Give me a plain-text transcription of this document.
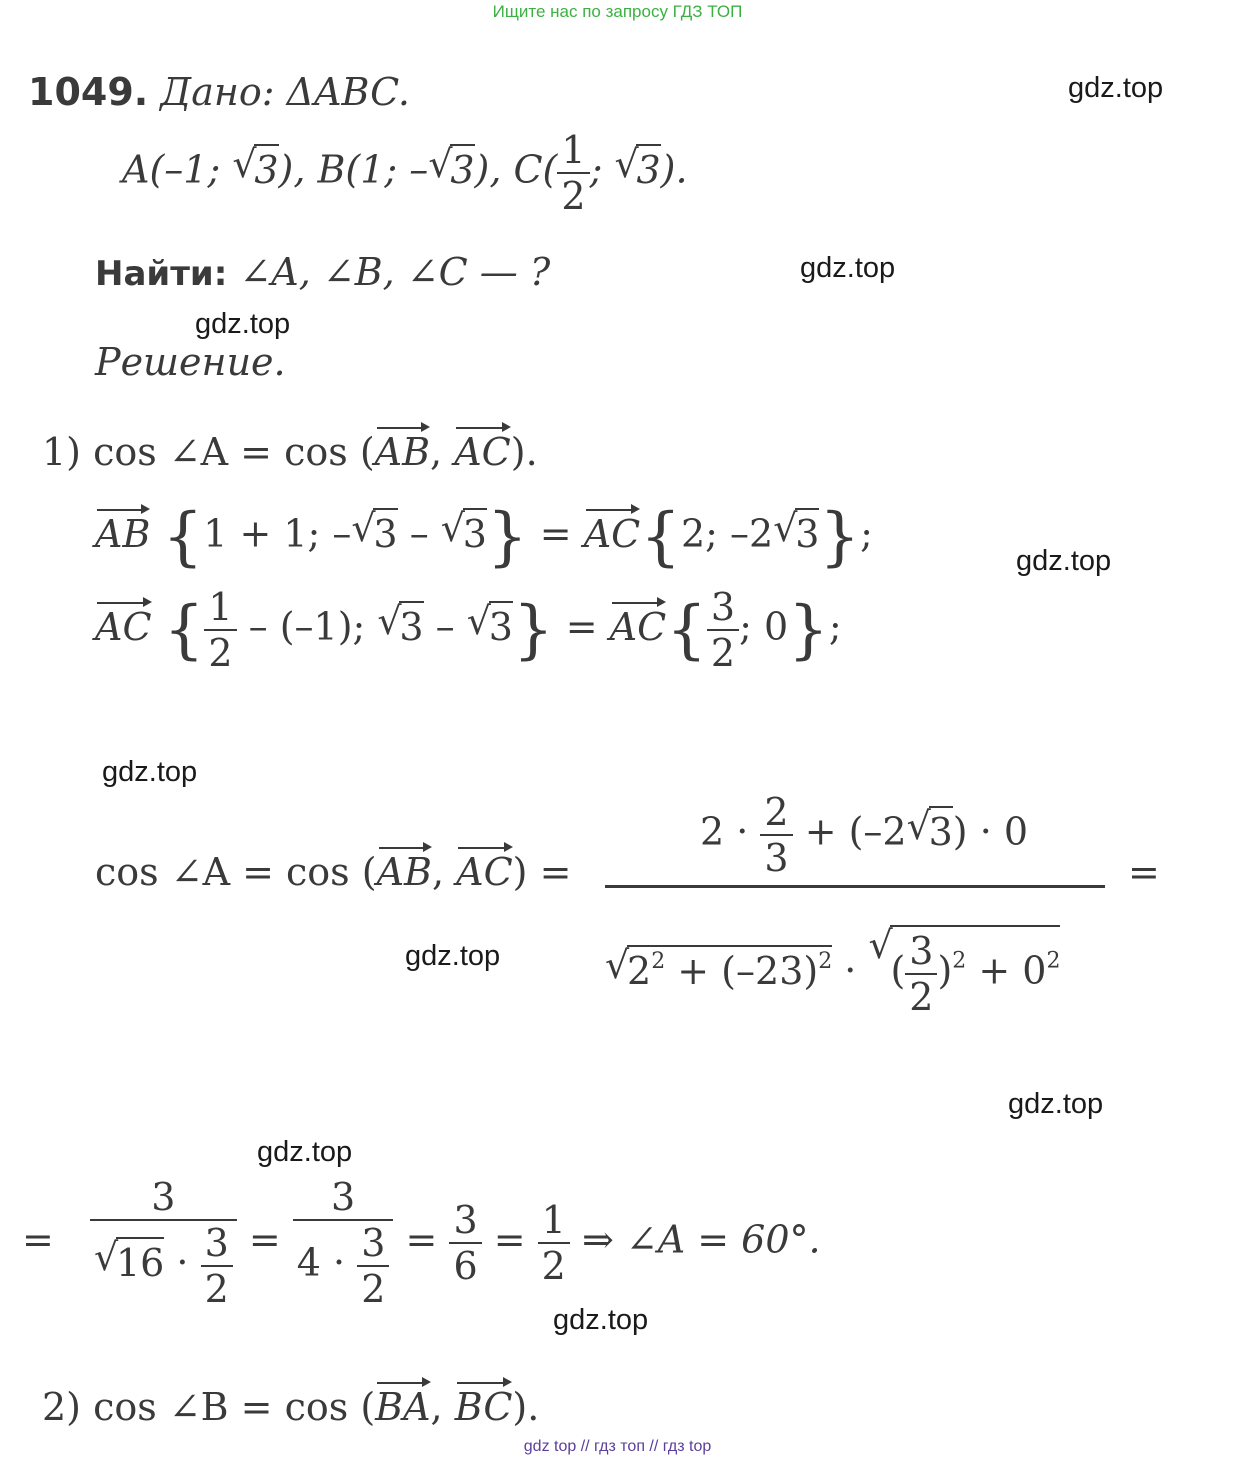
Ищите нас по запросу ГДЗ ТОП
1049. Дано: ΔABC.
A(–1; √ 3), B(1; –√ 3), $C( \frac{1}{2}$ ; √ 3).
Найти: ∠A, ∠B, ∠C — ?
Решение.
1) cos ∠A = cos (AB, AC).
AB {1 + 1; –√ 3 – √ 3} = AC{2; –2√ 3};
AC { $\frac{1}{2} - (-1)$; √ 3 – √ $3\} = AC\{ \frac{3}{2}$ ; 0};
cos ∠A = cos (AB, AC) =
$2 \cdot \frac{2}{3} + (-2√$ 3) · 0
√ $2^2 + (-23)^2$ · √ ( $\frac{3}{2} )^2 + 0^2$
=
= 3
√ $16 \cdot \frac{3}{2} = \frac{3}{4 \cdot \frac{3}{2}} = \frac{3}{6} = \frac{1}{2}$ ⇒ ∠A = 60°.
2) cos ∠B = cos (BA, BC).
gdz.top
gdz.top
gdz.top
gdz.top
gdz.top
gdz.top
gdz.top
gdz.top
gdz.top
gdz top // гдз топ // гдз top
